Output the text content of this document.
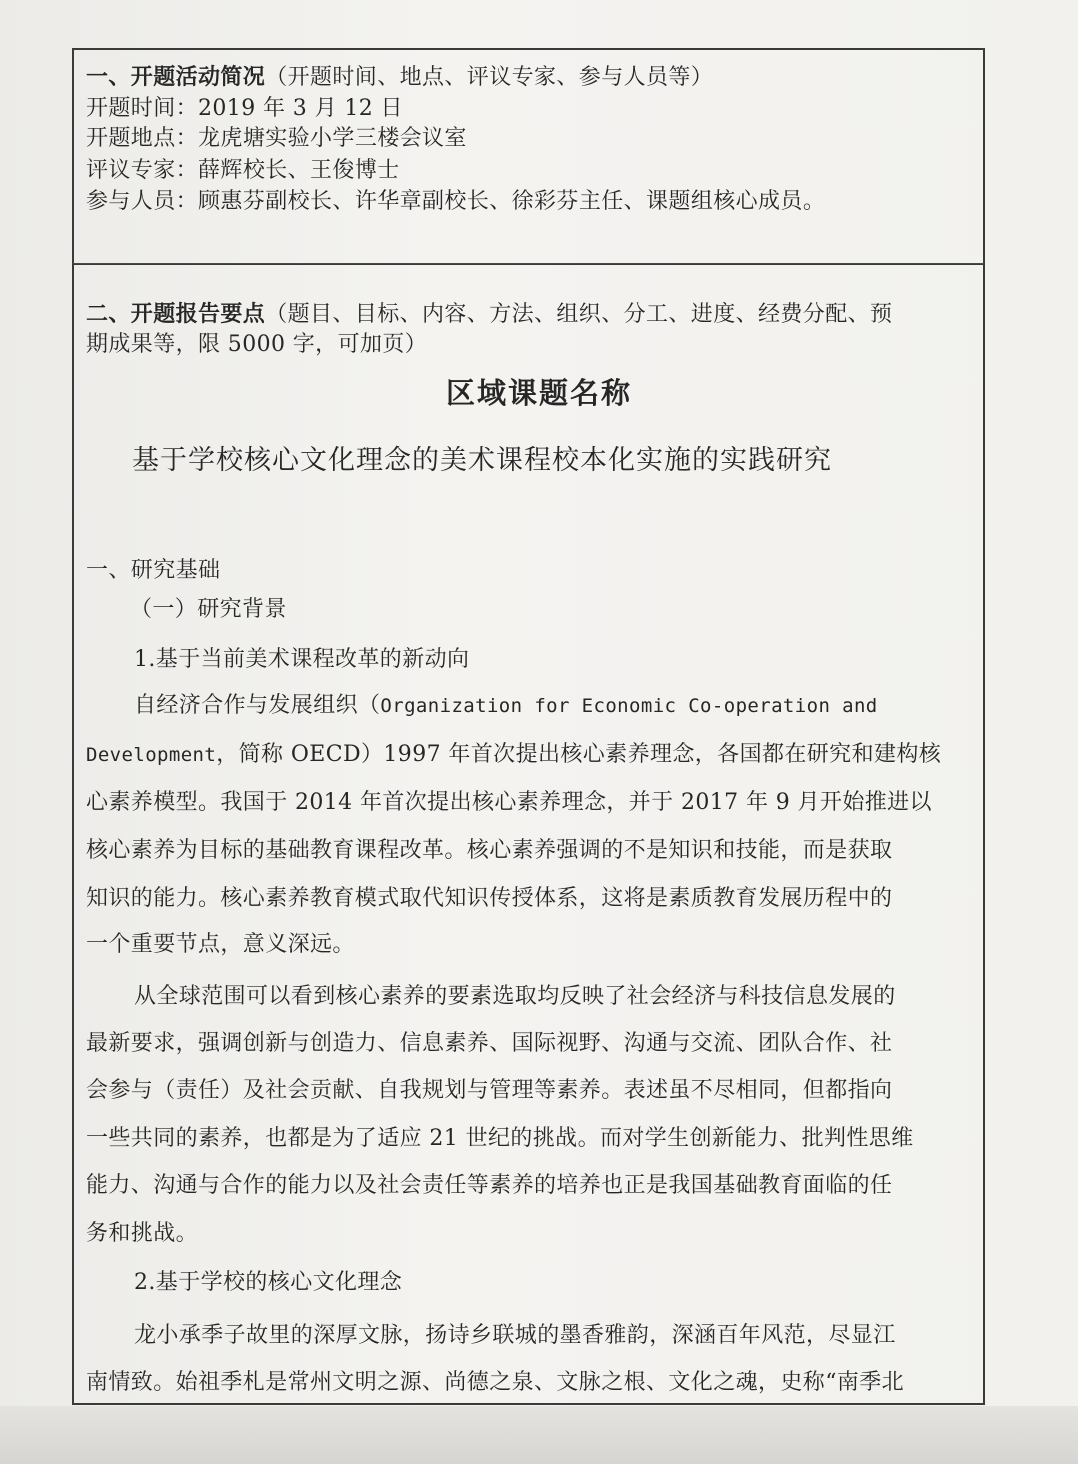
一、开题活动简况（开题时间、地点、评议专家、参与人员等）
开题时间：2019 年 3 月 12 日
开题地点：龙虎塘实验小学三楼会议室
评议专家：薛辉校长、王俊博士
参与人员：顾惠芬副校长、许华章副校长、徐彩芬主任、课题组核心成员。
二、开题报告要点（题目、目标、内容、方法、组织、分工、进度、经费分配、预
期成果等，限 5000 字，可加页）
区域课题名称
基于学校核心文化理念的美术课程校本化实施的实践研究
一、研究基础
（一）研究背景
1.基于当前美术课程改革的新动向
自经济合作与发展组织（Organization for Economic Co-operation and
Development，简称 OECD）1997 年首次提出核心素养理念，各国都在研究和建构核
心素养模型。我国于 2014 年首次提出核心素养理念，并于 2017 年 9 月开始推进以
核心素养为目标的基础教育课程改革。核心素养强调的不是知识和技能，而是获取
知识的能力。核心素养教育模式取代知识传授体系，这将是素质教育发展历程中的
一个重要节点，意义深远。
从全球范围可以看到核心素养的要素选取均反映了社会经济与科技信息发展的
最新要求，强调创新与创造力、信息素养、国际视野、沟通与交流、团队合作、社
会参与（责任）及社会贡献、自我规划与管理等素养。表述虽不尽相同，但都指向
一些共同的素养，也都是为了适应 21 世纪的挑战。而对学生创新能力、批判性思维
能力、沟通与合作的能力以及社会责任等素养的培养也正是我国基础教育面临的任
务和挑战。
2.基于学校的核心文化理念
龙小承季子故里的深厚文脉，扬诗乡联城的墨香雅韵，深涵百年风范，尽显江
南情致。始祖季札是常州文明之源、尚德之泉、文脉之根、文化之魂，史称“南季北
